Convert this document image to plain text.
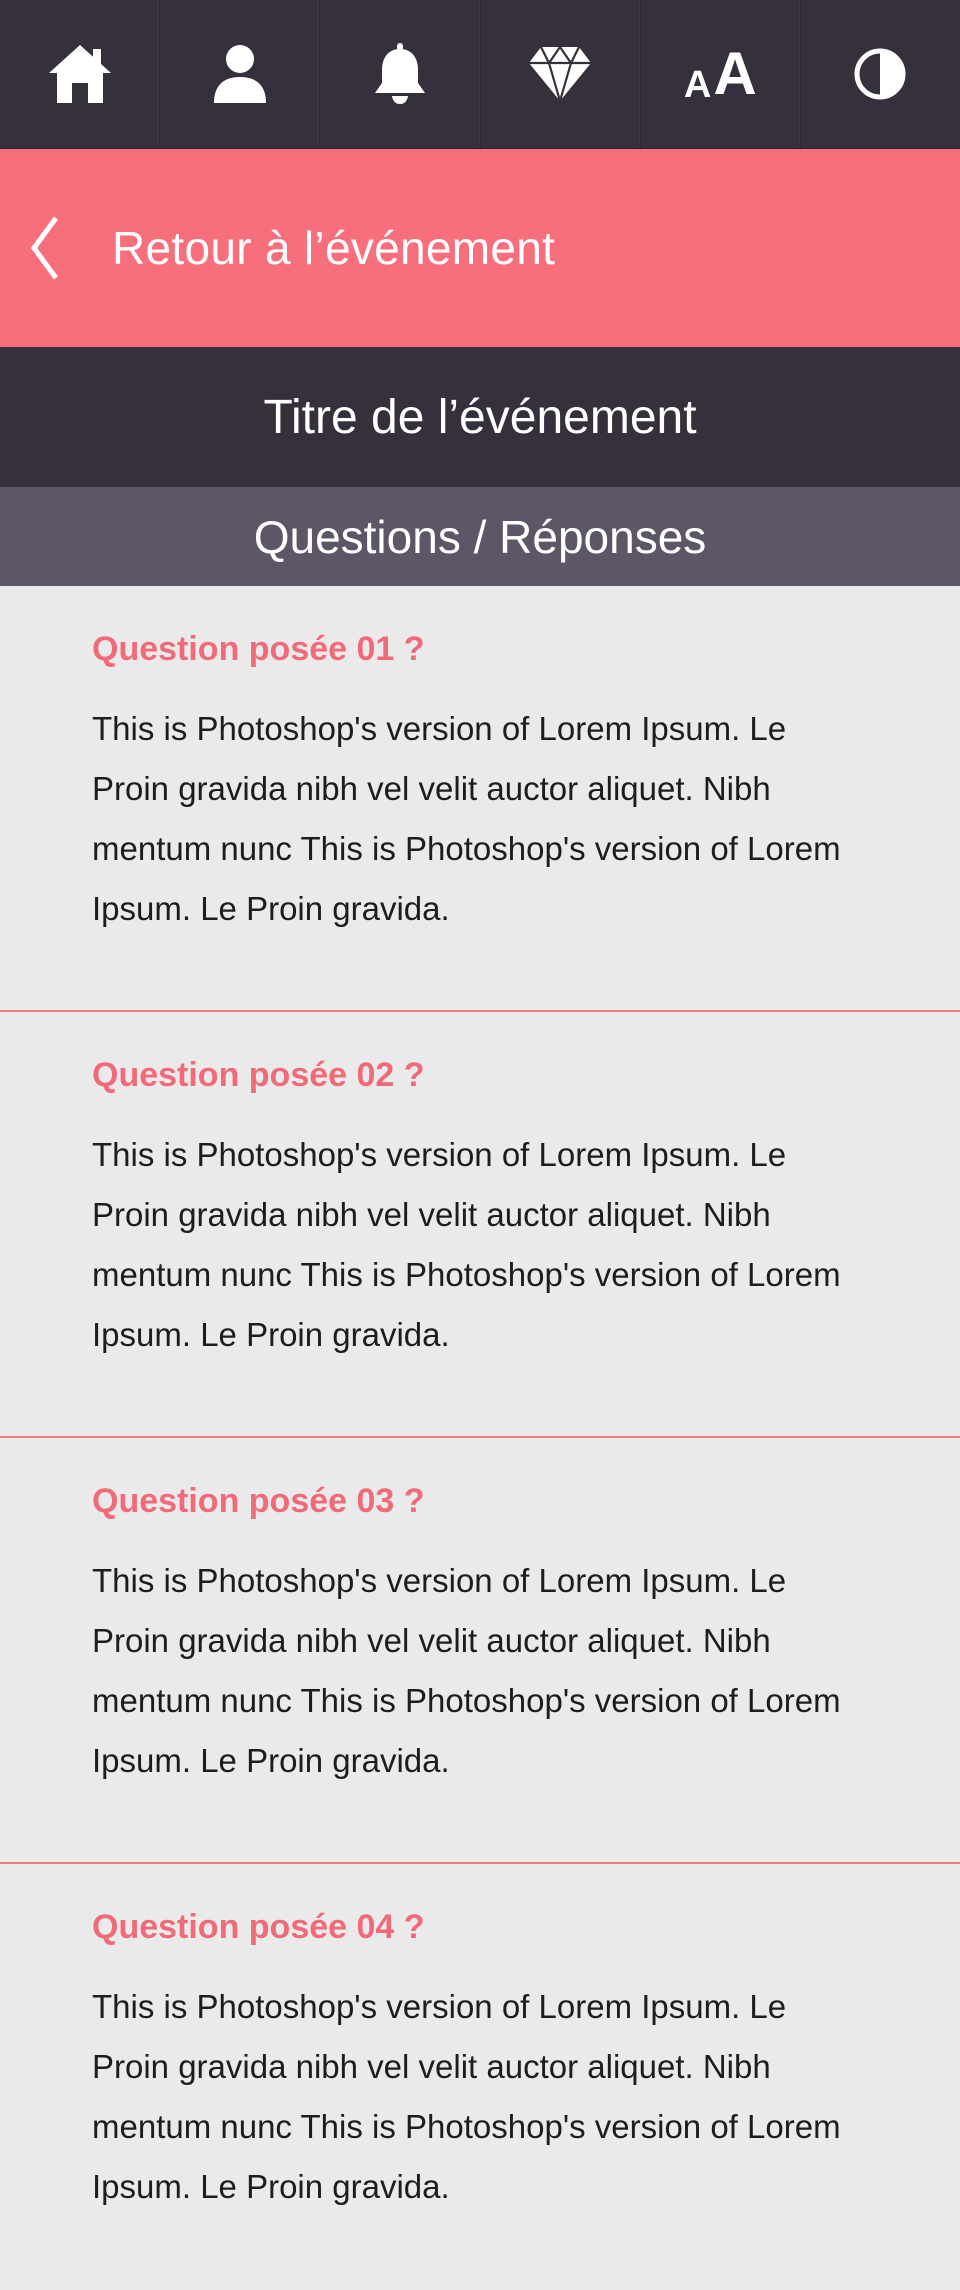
A A
Retour à l’événement
Titre de l’événement
Questions / Réponses

Question posée 01 ?

This is Photoshop's version of Lorem Ipsum. Le Proin gravida nibh vel velit auctor aliquet. Nibh mentum nunc This is Photoshop's version of Lorem Ipsum. Le Proin gravida.

Question posée 02 ?

This is Photoshop's version of Lorem Ipsum. Le Proin gravida nibh vel velit auctor aliquet. Nibh mentum nunc This is Photoshop's version of Lorem Ipsum. Le Proin gravida.

Question posée 03 ?

This is Photoshop's version of Lorem Ipsum. Le Proin gravida nibh vel velit auctor aliquet. Nibh mentum nunc This is Photoshop's version of Lorem Ipsum. Le Proin gravida.

Question posée 04 ?

This is Photoshop's version of Lorem Ipsum. Le Proin gravida nibh vel velit auctor aliquet. Nibh mentum nunc This is Photoshop's version of Lorem Ipsum. Le Proin gravida.
